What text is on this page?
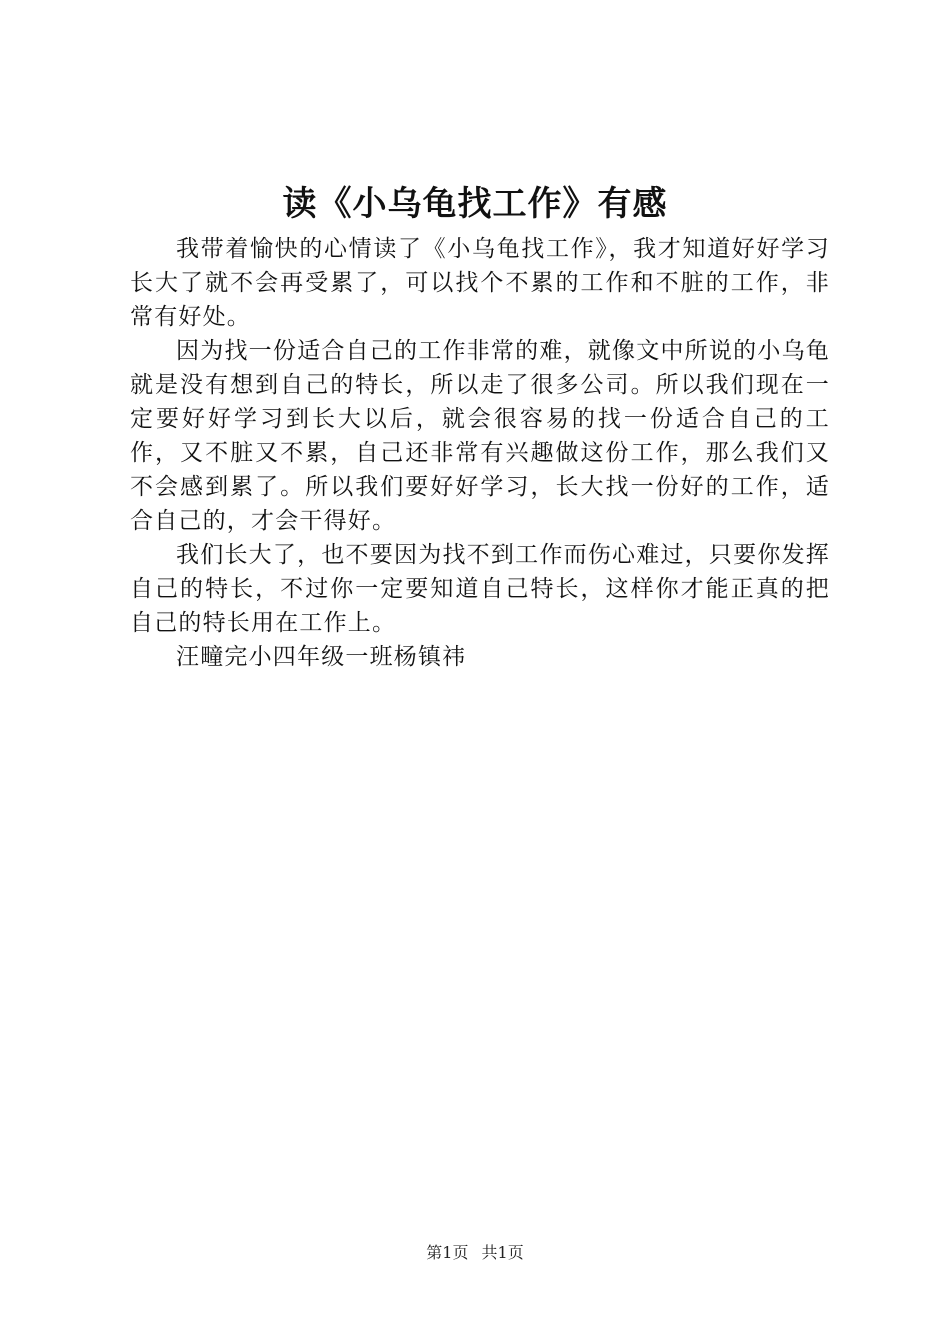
读《小乌龟找工作》有感

我带着愉快的心情读了《小乌龟找工作》，我才知道好好学习长大了就不会再受累了，可以找个不累的工作和不脏的工作，非常有好处。

因为找一份适合自己的工作非常的难，就像文中所说的小乌龟就是没有想到自己的特长，所以走了很多公司。所以我们现在一定要好好学习到长大以后，就会很容易的找一份适合自己的工作，又不脏又不累，自己还非常有兴趣做这份工作，那么我们又不会感到累了。所以我们要好好学习，长大找一份好的工作，适合自己的，才会干得好。

我们长大了，也不要因为找不到工作而伤心难过，只要你发挥自己的特长，不过你一定要知道自己特长，这样你才能正真的把自己的特长用在工作上。

汪疃完小四年级一班杨镇祎

第1页 共1页
